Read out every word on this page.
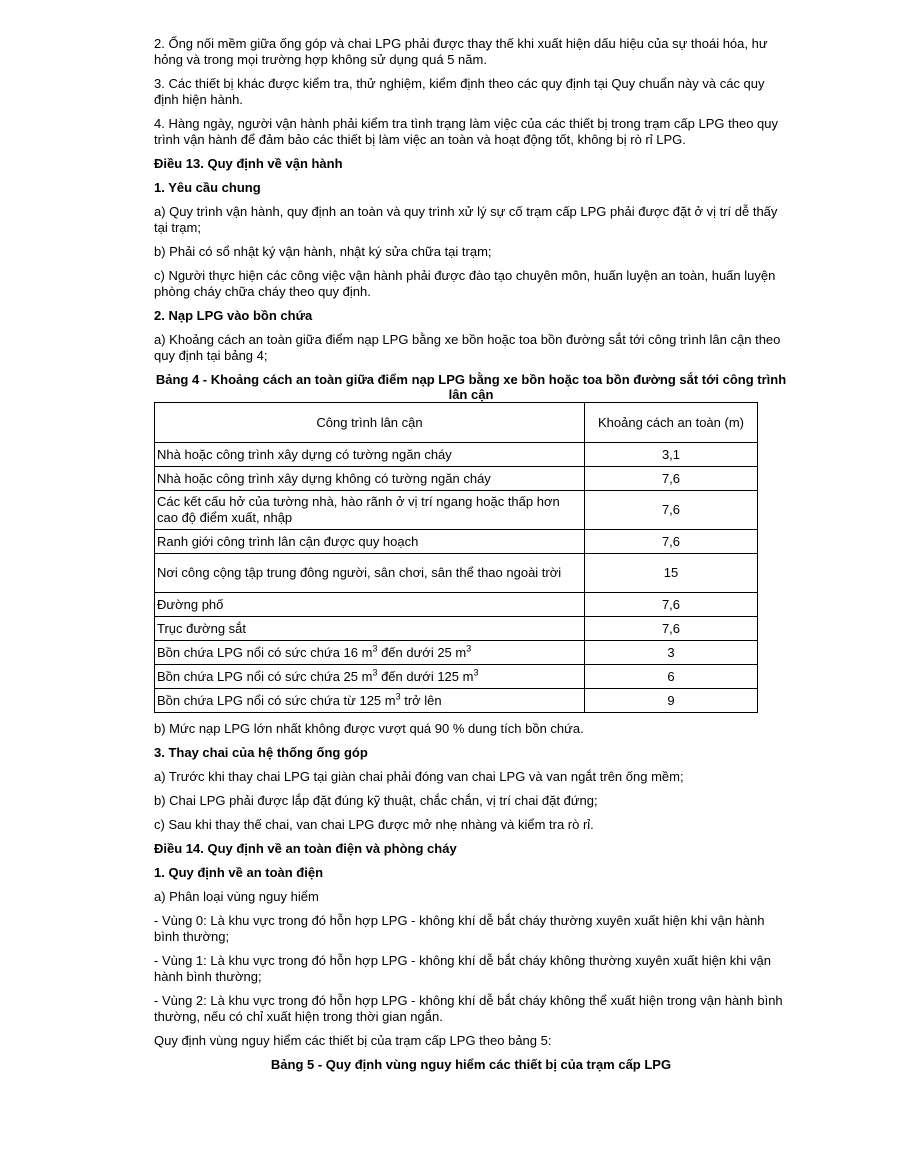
2. Ống nối mềm giữa ống góp và chai LPG phải được thay thế khi xuất hiện dấu hiệu của sự thoái hóa, hư hỏng và trong mọi trường hợp không sử dụng quá 5 năm.

3. Các thiết bị khác được kiểm tra, thử nghiệm, kiểm định theo các quy định tại Quy chuẩn này và các quy định hiện hành.

4. Hàng ngày, người vận hành phải kiểm tra tình trạng làm việc của các thiết bị trong trạm cấp LPG theo quy trình vận hành để đảm bảo các thiết bị làm việc an toàn và hoạt động tốt, không bị rò rỉ LPG.

Điều 13. Quy định về vận hành

1. Yêu cầu chung

a) Quy trình vận hành, quy định an toàn và quy trình xử lý sự cố trạm cấp LPG phải được đặt ở vị trí dễ thấy tại trạm;

b) Phải có sổ nhật ký vận hành, nhật ký sửa chữa tại trạm;

c) Người thực hiện các công việc vận hành phải được đào tạo chuyên môn, huấn luyện an toàn, huấn luyện phòng cháy chữa cháy theo quy định.

2. Nạp LPG vào bồn chứa

a) Khoảng cách an toàn giữa điểm nạp LPG bằng xe bồn hoặc toa bồn đường sắt tới công trình lân cận theo quy định tại bảng 4;

Bảng 4 - Khoảng cách an toàn giữa điểm nạp LPG bằng xe bồn hoặc toa bồn đường sắt tới công trình lân cận

Công trình lân cận	Khoảng cách an toàn (m)
Nhà hoặc công trình xây dựng có tường ngăn cháy	3,1
Nhà hoặc công trình xây dựng không có tường ngăn cháy	7,6
Các kết cấu hở của tường nhà, hào rãnh ở vị trí ngang hoặc thấp hơn cao độ điểm xuất, nhập	7,6
Ranh giới công trình lân cận được quy hoạch	7,6
Nơi công cộng tập trung đông người, sân chơi, sân thể thao ngoài trời	15
Đường phố	7,6
Trục đường sắt	7,6
Bồn chứa LPG nổi có sức chứa 16 $m^3$ đến dưới 25 $m^3$	3
Bồn chứa LPG nổi có sức chứa 25 $m^3$ đến dưới 125 $m^3$	6
Bồn chứa LPG nổi có sức chứa từ 125 $m^3$ trở lên	9

b) Mức nạp LPG lớn nhất không được vượt quá 90 % dung tích bồn chứa.

3. Thay chai của hệ thống ống góp

a) Trước khi thay chai LPG tại giàn chai phải đóng van chai LPG và van ngắt trên ống mềm;

b) Chai LPG phải được lắp đặt đúng kỹ thuật, chắc chắn, vị trí chai đặt đứng;

c) Sau khi thay thế chai, van chai LPG được mở nhẹ nhàng và kiểm tra rò rỉ.

Điều 14. Quy định về an toàn điện và phòng cháy

1. Quy định về an toàn điện

a) Phân loại vùng nguy hiểm

- Vùng 0: Là khu vực trong đó hỗn hợp LPG - không khí dễ bắt cháy thường xuyên xuất hiện khi vận hành bình thường;

- Vùng 1: Là khu vực trong đó hỗn hợp LPG - không khí dễ bắt cháy không thường xuyên xuất hiện khi vận hành bình thường;

- Vùng 2: Là khu vực trong đó hỗn hợp LPG - không khí dễ bắt cháy không thể xuất hiện trong vận hành bình thường, nếu có chỉ xuất hiện trong thời gian ngắn.

Quy định vùng nguy hiểm các thiết bị của trạm cấp LPG theo bảng 5:

Bảng 5 - Quy định vùng nguy hiểm các thiết bị của trạm cấp LPG
